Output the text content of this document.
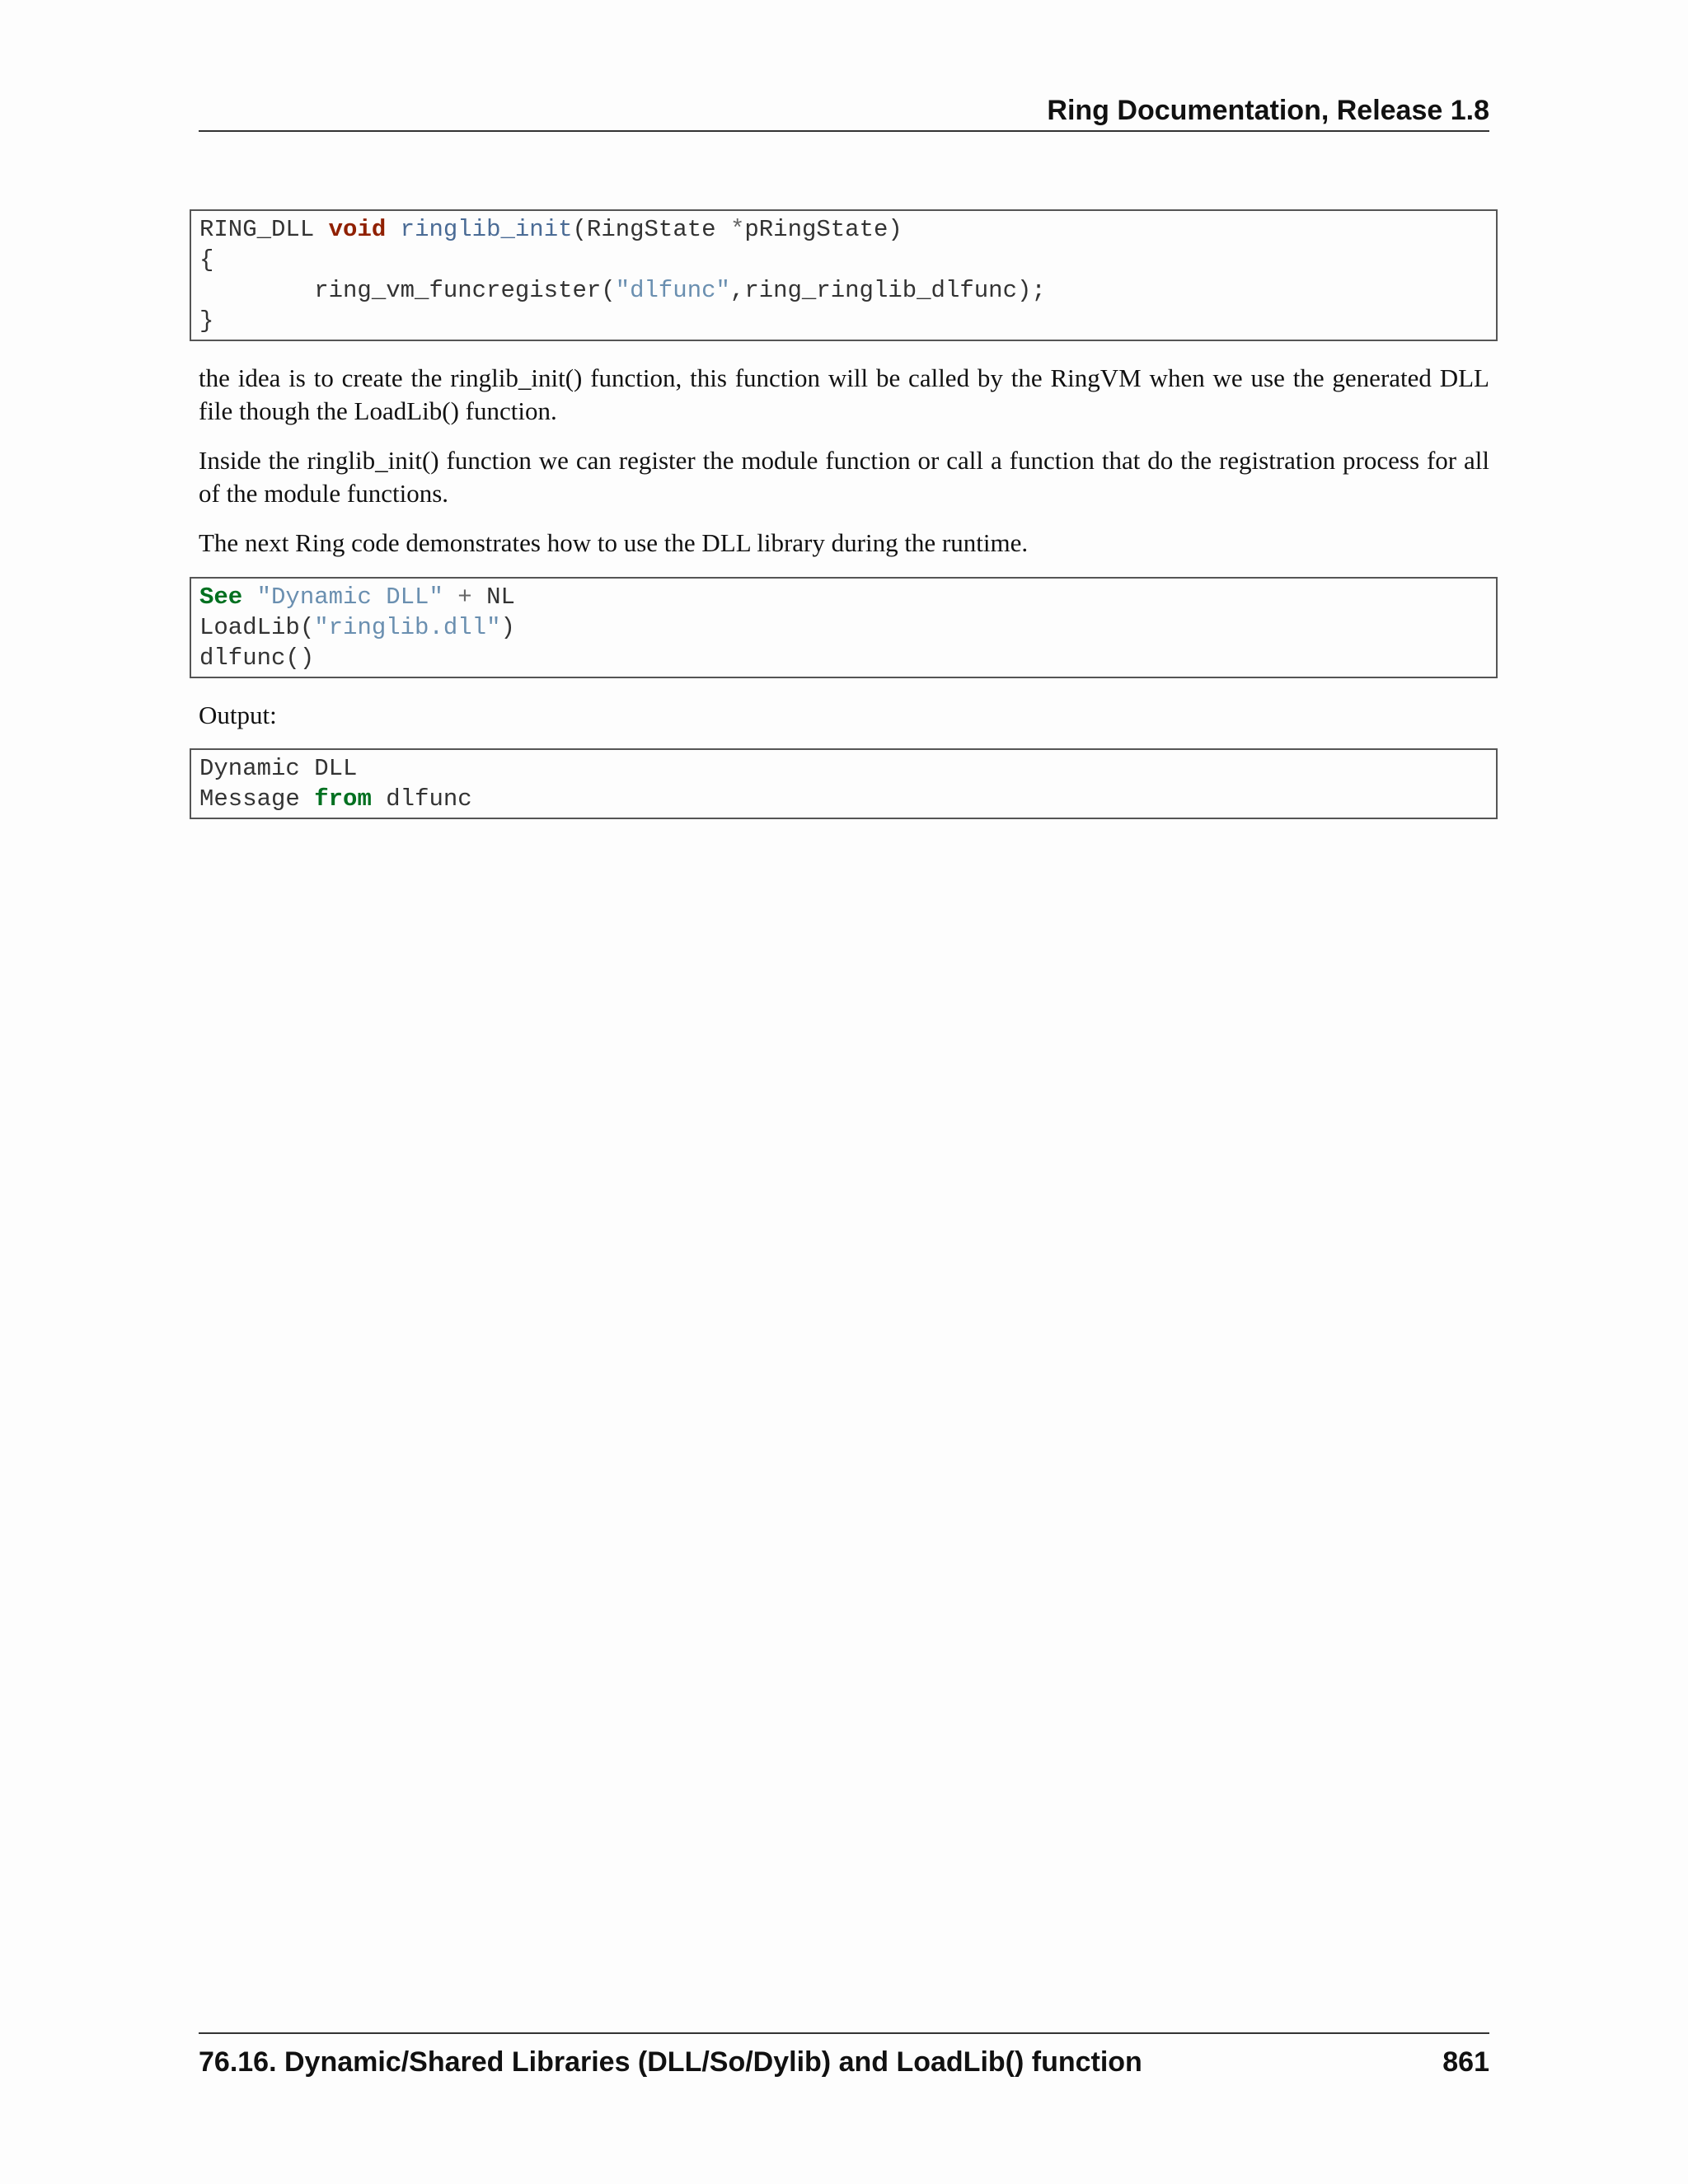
Ring Documentation, Release 1.8
RING_DLL void ringlib_init(RingState *pRingState)
{
ring_vm_funcregister("dlfunc",ring_ringlib_dlfunc);
}

the idea is to create the ringlib_init() function, this function will be called by the RingVM when we use the generated DLL file though the LoadLib() function.

Inside the ringlib_init() function we can register the module function or call a function that do the registration process for all of the module functions.

The next Ring code demonstrates how to use the DLL library during the runtime.

See "Dynamic DLL" + NL
LoadLib("ringlib.dll")
dlfunc()

Output:

Dynamic DLL
Message from dlfunc
76.16. Dynamic/Shared Libraries (DLL/So/Dylib) and LoadLib() function	861
